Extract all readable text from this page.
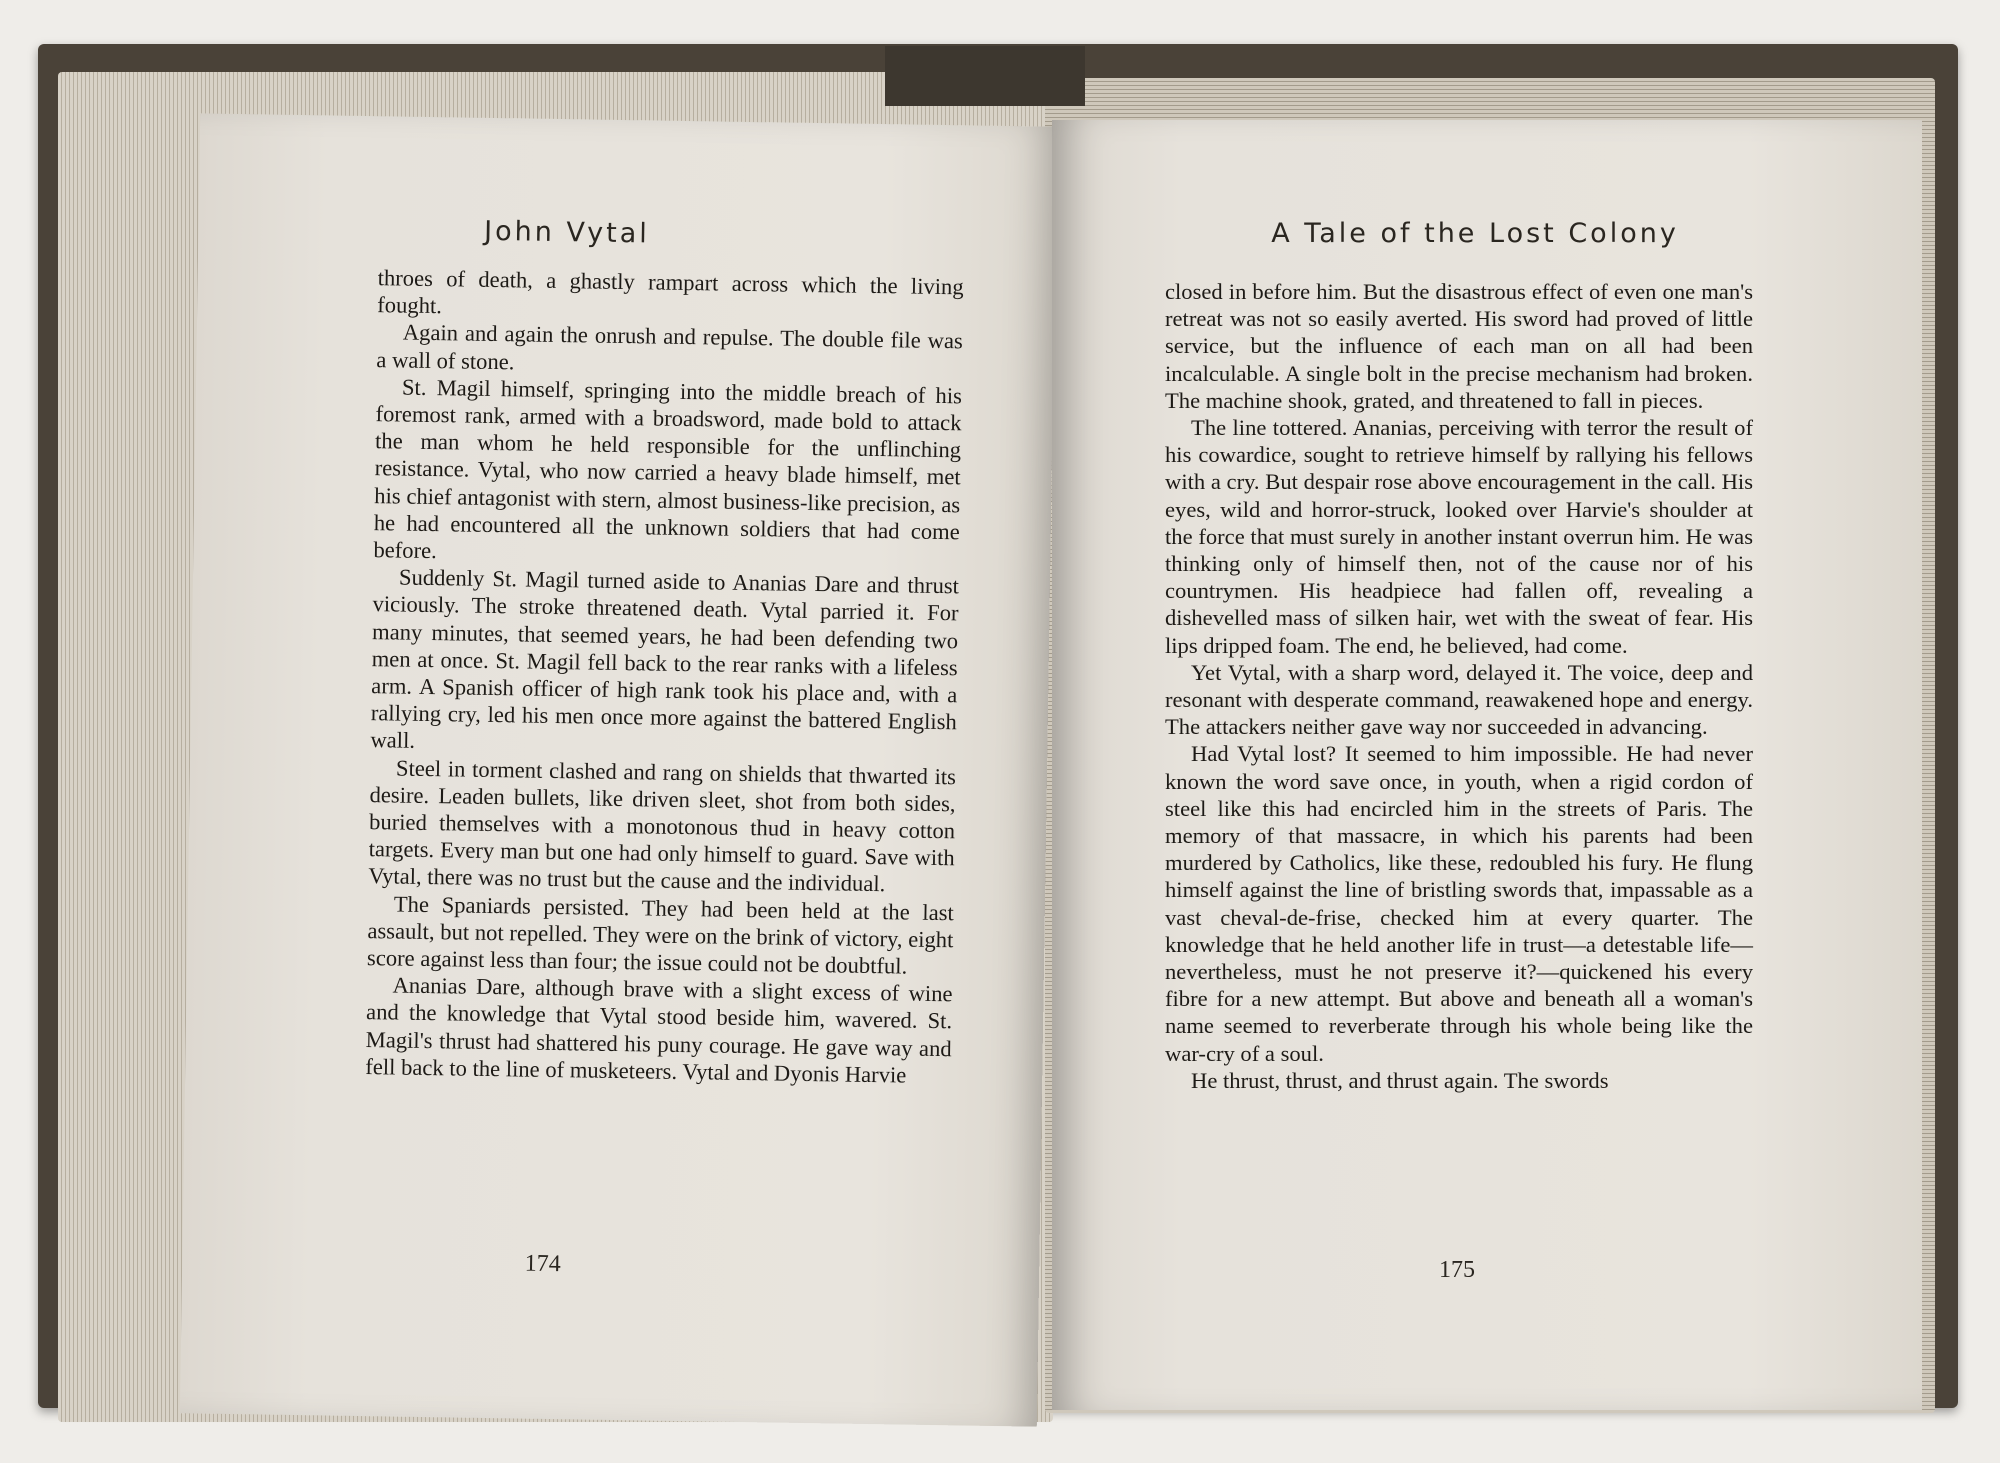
John Vytal

throes of death, a ghastly rampart across which the living fought.

Again and again the onrush and repulse. The double file was a wall of stone.

St. Magil himself, springing into the middle breach of his foremost rank, armed with a broadsword, made bold to attack the man whom he held responsible for the unflinching resistance. Vytal, who now carried a heavy blade himself, met his chief antagonist with stern, almost business-like precision, as he had encountered all the unknown soldiers that had come before.

Suddenly St. Magil turned aside to Ananias Dare and thrust viciously. The stroke threatened death. Vytal parried it. For many minutes, that seemed years, he had been defending two men at once. St. Magil fell back to the rear ranks with a lifeless arm. A Spanish officer of high rank took his place and, with a rallying cry, led his men once more against the battered English wall.

Steel in torment clashed and rang on shields that thwarted its desire. Leaden bullets, like driven sleet, shot from both sides, buried themselves with a monotonous thud in heavy cotton targets. Every man but one had only himself to guard. Save with Vytal, there was no trust but the cause and the individual.

The Spaniards persisted. They had been held at the last assault, but not repelled. They were on the brink of victory, eight score against less than four; the issue could not be doubtful.

Ananias Dare, although brave with a slight excess of wine and the knowledge that Vytal stood beside him, wavered. St. Magil's thrust had shattered his puny courage. He gave way and fell back to the line of musketeers. Vytal and Dyonis Harvie

174
A Tale of the Lost Colony

closed in before him. But the disastrous effect of even one man's retreat was not so easily averted. His sword had proved of little service, but the influence of each man on all had been incalculable. A single bolt in the precise mechanism had broken. The machine shook, grated, and threatened to fall in pieces.

The line tottered. Ananias, perceiving with terror the result of his cowardice, sought to retrieve himself by rallying his fellows with a cry. But despair rose above encouragement in the call. His eyes, wild and horror-struck, looked over Harvie's shoulder at the force that must surely in another instant overrun him. He was thinking only of himself then, not of the cause nor of his countrymen. His headpiece had fallen off, revealing a dishevelled mass of silken hair, wet with the sweat of fear. His lips dripped foam. The end, he believed, had come.

Yet Vytal, with a sharp word, delayed it. The voice, deep and resonant with desperate command, reawakened hope and energy. The attackers neither gave way nor succeeded in advancing.

Had Vytal lost? It seemed to him impossible. He had never known the word save once, in youth, when a rigid cordon of steel like this had encircled him in the streets of Paris. The memory of that massacre, in which his parents had been murdered by Catholics, like these, redoubled his fury. He flung himself against the line of bristling swords that, impassable as a vast cheval-de-frise, checked him at every quarter. The knowledge that he held another life in trust—a detestable life—nevertheless, must he not preserve it?—quickened his every fibre for a new attempt. But above and beneath all a woman's name seemed to reverberate through his whole being like the war-cry of a soul.

He thrust, thrust, and thrust again. The swords

175
